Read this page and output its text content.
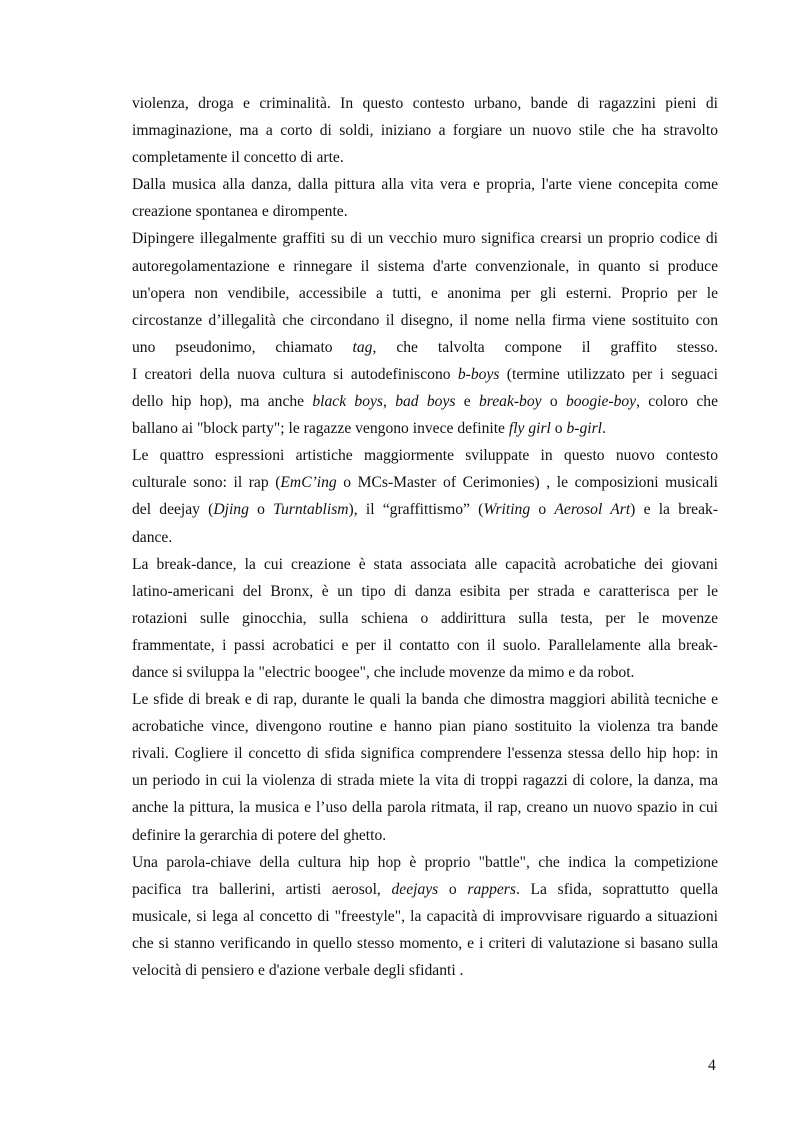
violenza, droga e criminalità. In questo contesto urbano, bande di ragazzini pieni di
immaginazione, ma a corto di soldi, iniziano a forgiare un nuovo stile che ha stravolto
completamente il concetto di arte.
Dalla musica alla danza, dalla pittura alla vita vera e propria, l'arte viene concepita come
creazione spontanea e dirompente.
Dipingere illegalmente graffiti su di un vecchio muro significa crearsi un proprio codice di
autoregolamentazione e rinnegare il sistema d'arte convenzionale, in quanto si produce
un'opera non vendibile, accessibile a tutti, e anonima per gli esterni. Proprio per le
circostanze d’illegalità che circondano il disegno, il nome nella firma viene sostituito con
uno pseudonimo, chiamato tag, che talvolta compone il graffito stesso.
I creatori della nuova cultura si autodefiniscono b-boys (termine utilizzato per i seguaci
dello hip hop), ma anche black boys, bad boys e break-boy o boogie-boy, coloro che
ballano ai "block party"; le ragazze vengono invece definite fly girl o b-girl.
Le quattro espressioni artistiche maggiormente sviluppate in questo nuovo contesto
culturale sono: il rap (EmC’ing o MCs-Master of Cerimonies) , le composizioni musicali
del deejay (Djing o Turntablism), il “graffittismo” (Writing o Aerosol Art) e la break-
dance.
La break-dance, la cui creazione è stata associata alle capacità acrobatiche dei giovani
latino-americani del Bronx, è un tipo di danza esibita per strada e caratterisca per le
rotazioni sulle ginocchia, sulla schiena o addirittura sulla testa, per le movenze
frammentate, i passi acrobatici e per il contatto con il suolo. Parallelamente alla break-
dance si sviluppa la "electric boogee", che include movenze da mimo e da robot.
Le sfide di break e di rap, durante le quali la banda che dimostra maggiori abilità tecniche e
acrobatiche vince, divengono routine e hanno pian piano sostituito la violenza tra bande
rivali. Cogliere il concetto di sfida significa comprendere l'essenza stessa dello hip hop: in
un periodo in cui la violenza di strada miete la vita di troppi ragazzi di colore, la danza, ma
anche la pittura, la musica e l’uso della parola ritmata, il rap, creano un nuovo spazio in cui
definire la gerarchia di potere del ghetto.
Una parola-chiave della cultura hip hop è proprio "battle", che indica la competizione
pacifica tra ballerini, artisti aerosol, deejays o rappers. La sfida, soprattutto quella
musicale, si lega al concetto di "freestyle", la capacità di improvvisare riguardo a situazioni
che si stanno verificando in quello stesso momento, e i criteri di valutazione si basano sulla
velocità di pensiero e d'azione verbale degli sfidanti .
4
